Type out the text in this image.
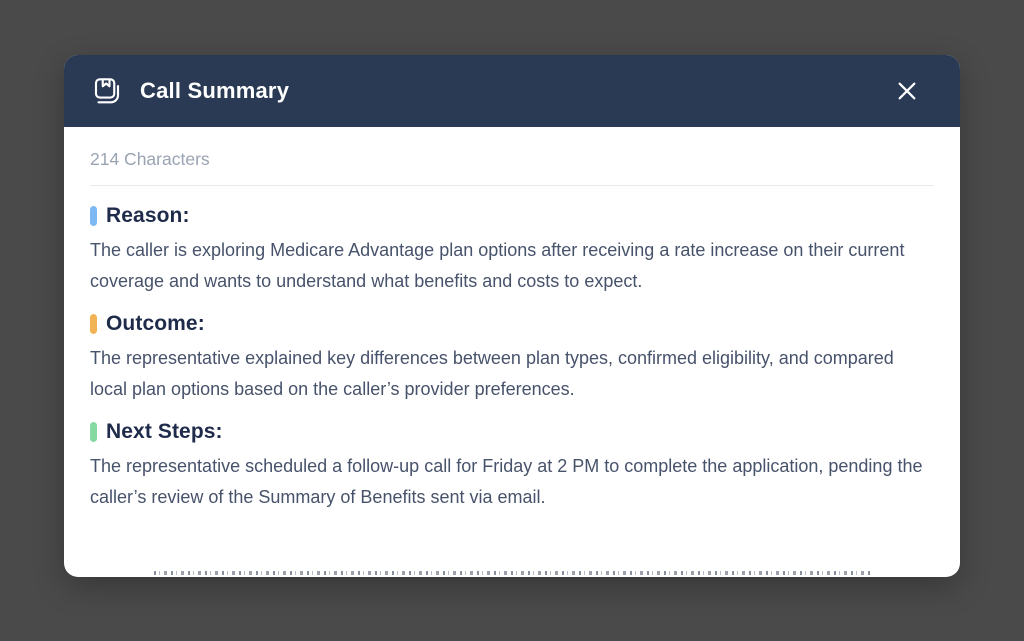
Call Summary
214 Characters
Reason:

The caller is exploring Medicare Advantage plan options after receiving a rate increase on their current coverage and wants to understand what benefits and costs to expect.

Outcome:

The representative explained key differences between plan types, confirmed eligibility, and compared local plan options based on the caller’s provider preferences.

Next Steps:

The representative scheduled a follow-up call for Friday at 2 PM to complete the application, pending the caller’s review of the Summary of Benefits sent via email.
